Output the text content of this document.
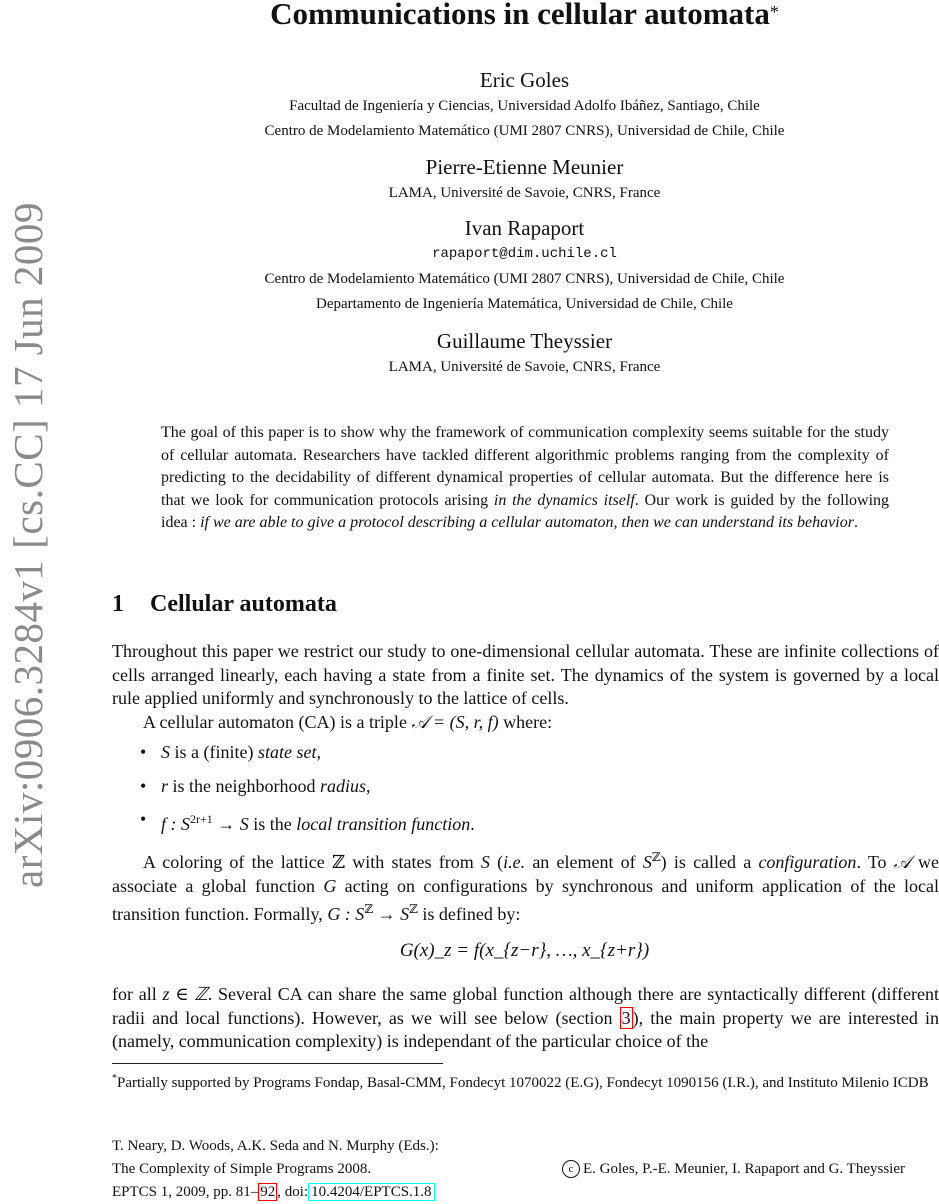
arXiv:0906.3284v1 [cs.CC] 17 Jun 2009
Communications in cellular automata*
Eric Goles
Facultad de Ingeniería y Ciencias, Universidad Adolfo Ibáñez, Santiago, Chile
Centro de Modelamiento Matemático (UMI 2807 CNRS), Universidad de Chile, Chile
Pierre-Etienne Meunier
LAMA, Université de Savoie, CNRS, France
Ivan Rapaport
rapaport@dim.uchile.cl
Centro de Modelamiento Matemático (UMI 2807 CNRS), Universidad de Chile, Chile
Departamento de Ingeniería Matemática, Universidad de Chile, Chile
Guillaume Theyssier
LAMA, Université de Savoie, CNRS, France

The goal of this paper is to show why the framework of communication complexity seems suitable for the study of cellular automata. Researchers have tackled different algorithmic problems ranging from the complexity of predicting to the decidability of different dynamical properties of cellular automata. But the difference here is that we look for communication protocols arising in the dynamics itself. Our work is guided by the following idea : if we are able to give a protocol describing a cellular automaton, then we can understand its behavior.

1 Cellular automata

Throughout this paper we restrict our study to one-dimensional cellular automata. These are infinite collections of cells arranged linearly, each having a state from a finite set. The dynamics of the system is governed by a local rule applied uniformly and synchronously to the lattice of cells.

A cellular automaton (CA) is a triple 𝒜 = (S, r, f) where:

• S is a (finite) state set,
• r is the neighborhood radius,
• f : $S^{2r+1} \to S$ is the local transition function.

A coloring of the lattice ℤ with states from S (i.e. an element of $S^ℤ$) is called a configuration. To 𝒜 we associate a global function G acting on configurations by synchronous and uniform application of the local transition function. Formally, G : $S^ℤ \to S^ℤ$ is defined by:

G(x)_z = f(x_{z−r}, …, x_{z+r})

for all z ∈ ℤ. Several CA can share the same global function although there are syntactically different (different radii and local functions). However, as we will see below (section 3 ), the main property we are interested in (namely, communication complexity) is independant of the particular choice of the

*Partially supported by Programs Fondap, Basal-CMM, Fondecyt 1070022 (E.G), Fondecyt 1090156 (I.R.), and Instituto Milenio ICDB

T. Neary, D. Woods, A.K. Seda and N. Murphy (Eds.):
The Complexity of Simple Programs 2008.
EPTCS 1, 2009, pp. 81– 92 , doi: 10.4204/EPTCS.1.8
c E. Goles, P.-E. Meunier, I. Rapaport and G. Theyssier
